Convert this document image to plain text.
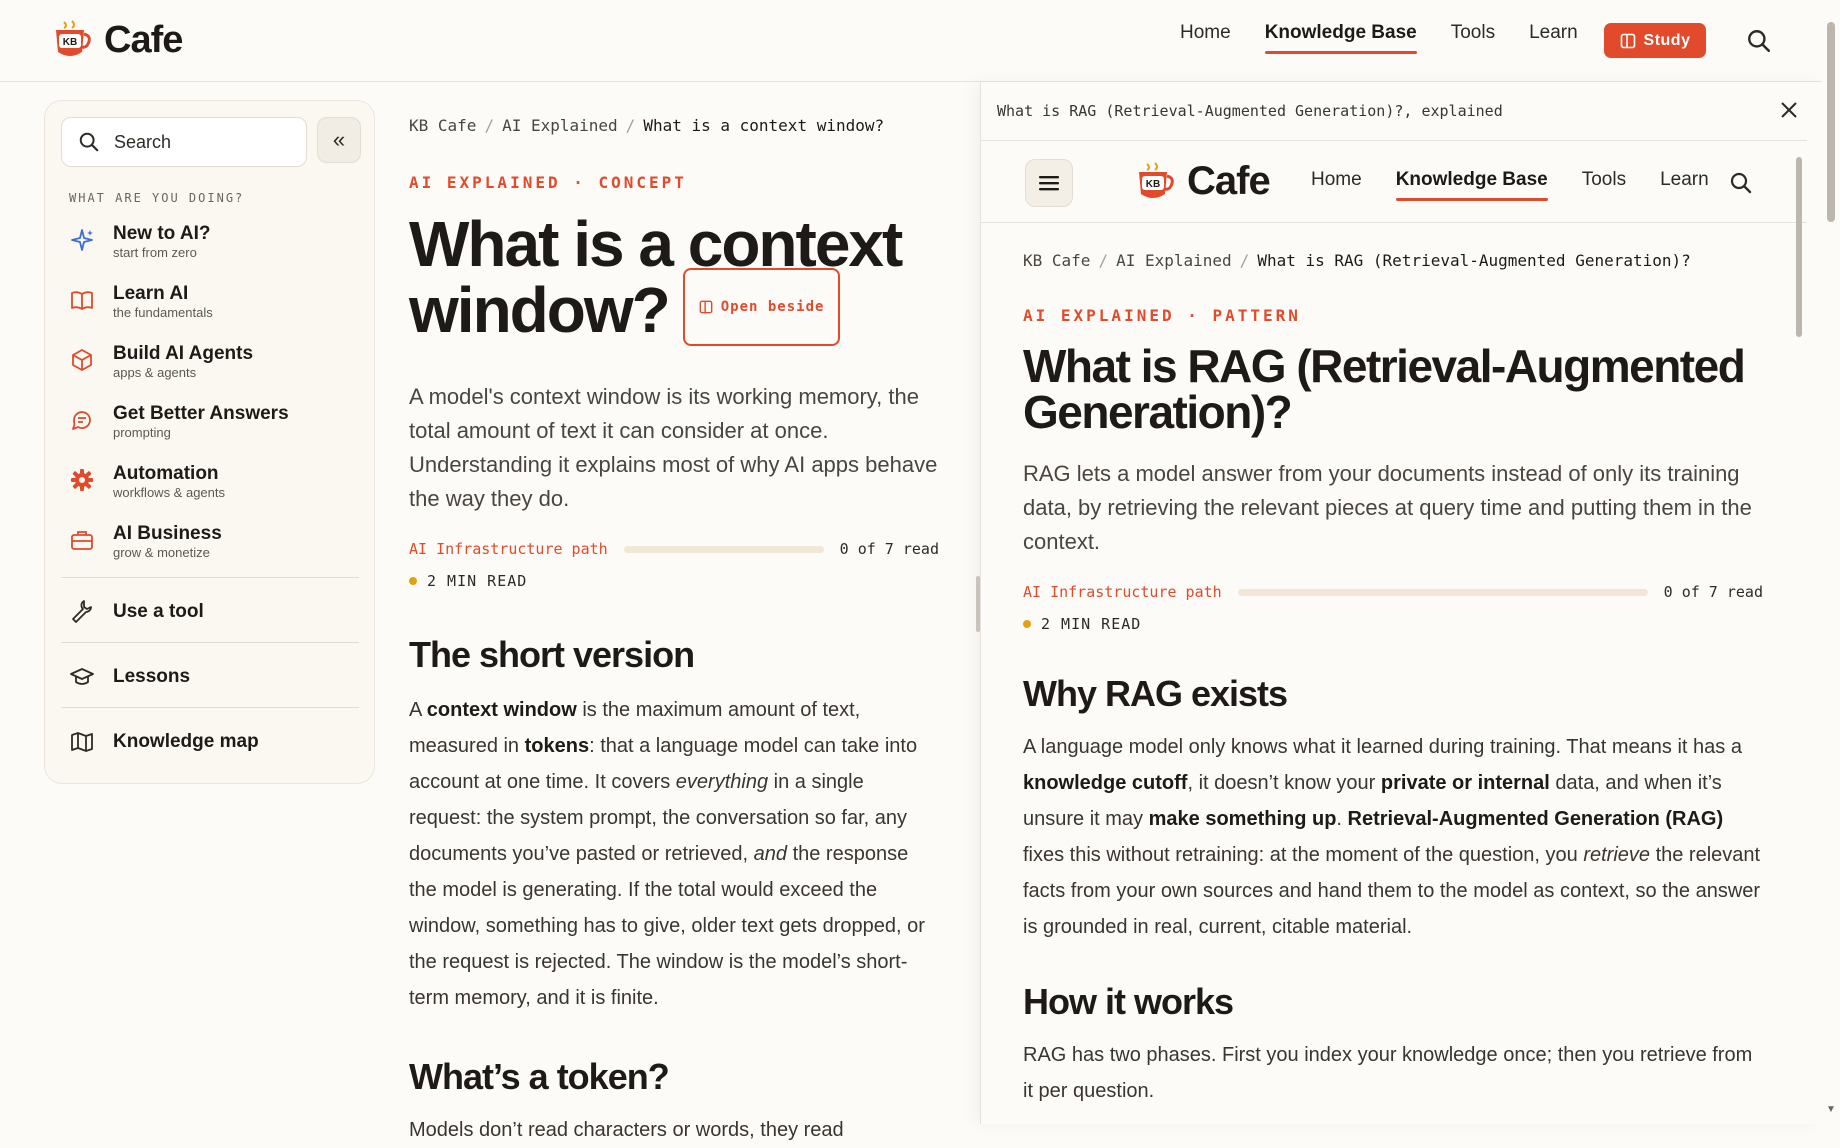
KB Cafe	Home Knowledge Base Tools Learn	Study
Search	«
WHAT ARE YOU DOING?
New to AI?
start from zero
Learn AI
the fundamentals
Build AI Agents
apps & agents
Get Better Answers
prompting
Automation
workflows & agents
AI Business
grow & monetize
Use a tool
Lessons
Knowledge map
KB Cafe / AI Explained / What is a context window?
AI EXPLAINED · CONCEPT
What is a context
window?	Open beside

A model's context window is its working memory, the total amount of text it can consider at once. Understanding it explains most of why AI apps behave the way they do.

AI Infrastructure path	0 of 7 read
2 MIN READ
The short version

A context window is the maximum amount of text, measured in tokens: that a language model can take into account at one time. It covers everything in a single request: the system prompt, the conversation so far, any documents you’ve pasted or retrieved, and the response the model is generating. If the total would exceed the window, something has to give, older text gets dropped, or the request is rejected. The window is the model’s short-term memory, and it is finite.

What’s a token?

Models don’t read characters or words, they read

What is RAG (Retrieval-Augmented Generation)?, explained
KB Cafe Home Knowledge Base Tools Learn
KB Cafe / AI Explained / What is RAG (Retrieval-Augmented Generation)?
AI EXPLAINED · PATTERN
What is RAG (Retrieval-Augmented
Generation)?

RAG lets a model answer from your documents instead of only its training data, by retrieving the relevant pieces at query time and putting them in the context.

AI Infrastructure path	0 of 7 read
2 MIN READ
Why RAG exists

A language model only knows what it learned during training. That means it has a knowledge cutoff, it doesn’t know your private or internal data, and when it’s unsure it may make something up. Retrieval-Augmented Generation (RAG) fixes this without retraining: at the moment of the question, you retrieve the relevant facts from your own sources and hand them to the model as context, so the answer is grounded in real, current, citable material.

How it works

RAG has two phases. First you index your knowledge once; then you retrieve from it per question.

▼
